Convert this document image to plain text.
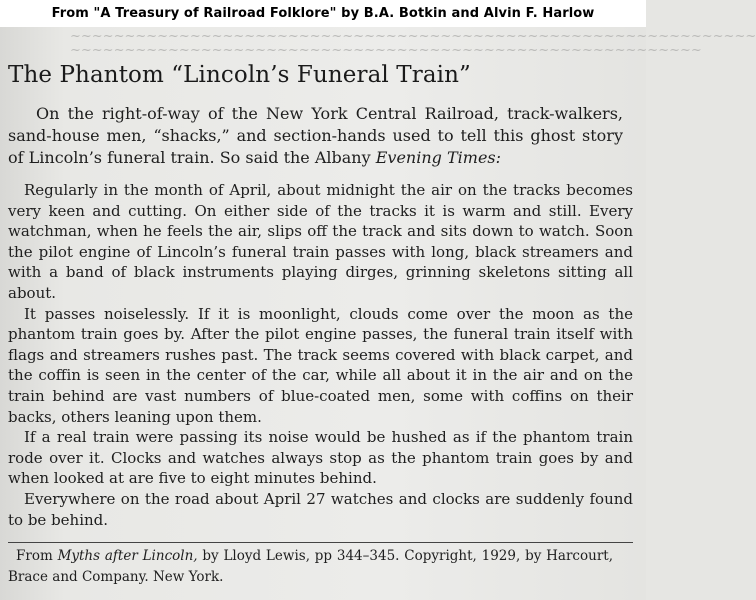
From "A Treasury of Railroad Folklore" by B.A. Botkin and Alvin F. Harlow
~~~~~~~~~~~~~~~~~~~~~~~~~~~~~~~~~~~~~~~~~~~~~~~~~~~~~~~~~~~~~~~
~~~~~~~~~~~~~~~~~~~~~~~~~~~~~~~~~~~~~~~~~~~~~~~~~~~~~~~~~~
The Phantom “Lincoln’s Funeral Train”

On the right-of-way of the New York Central Railroad, track-walkers, sand-house men, “shacks,” and section-hands used to tell this ghost story of Lincoln’s funeral train. So said the Albany Evening Times:

Regularly in the month of April, about midnight the air on the tracks becomes very keen and cutting. On either side of the tracks it is warm and still. Every watchman, when he feels the air, slips off the track and sits down to watch. Soon the pilot engine of Lincoln’s funeral train passes with long, black streamers and with a band of black instruments playing dirges, grinning skeletons sitting all about.

It passes noiselessly. If it is moonlight, clouds come over the moon as the phantom train goes by. After the pilot engine passes, the funeral train itself with flags and streamers rushes past. The track seems covered with black carpet, and the coffin is seen in the center of the car, while all about it in the air and on the train behind are vast numbers of blue-coated men, some with coffins on their backs, others leaning upon them.

If a real train were passing its noise would be hushed as if the phantom train rode over it. Clocks and watches always stop as the phantom train goes by and when looked at are five to eight minutes behind.

Everywhere on the road about April 27 watches and clocks are suddenly found to be behind.

From Myths after Lincoln, by Lloyd Lewis, pp 344–345. Copyright, 1929, by Harcourt, Brace and Company. New York.
